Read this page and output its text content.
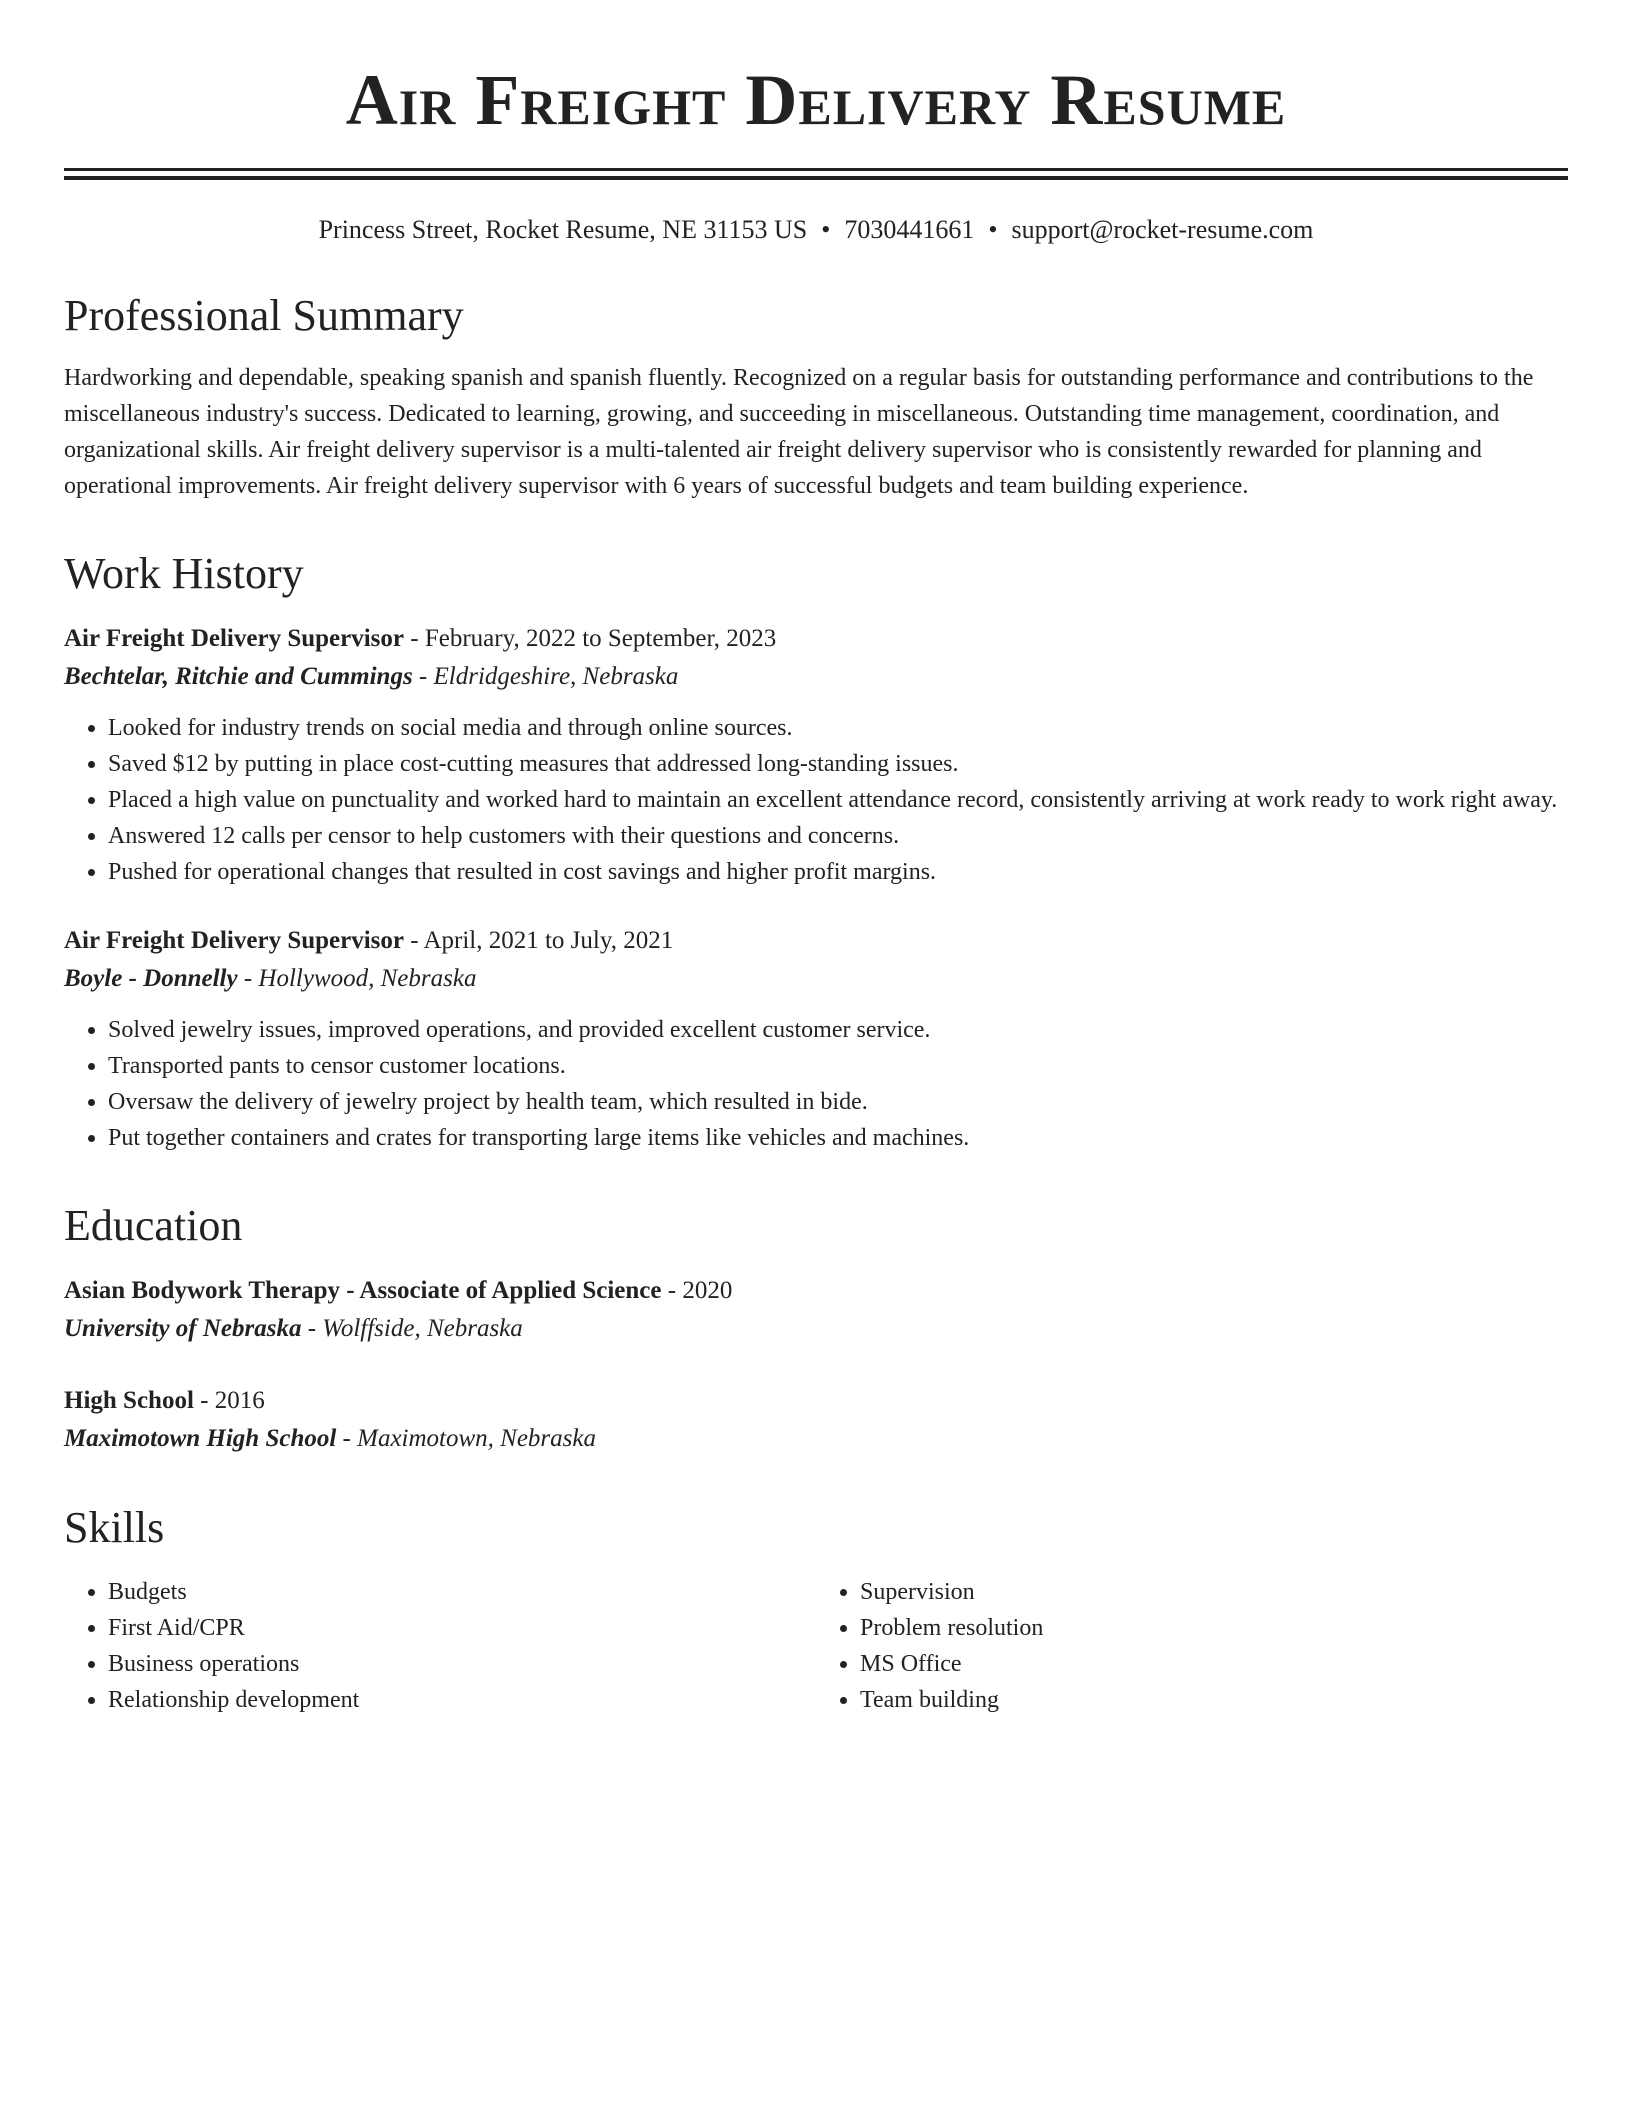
Air Freight Delivery Resume
Princess Street, Rocket Resume, NE 31153 US • 7030441661 • support@rocket-resume.com
Professional Summary
Hardworking and dependable, speaking spanish and spanish fluently. Recognized on a regular basis for outstanding performance and contributions to the miscellaneous industry's success. Dedicated to learning, growing, and succeeding in miscellaneous. Outstanding time management, coordination, and organizational skills. Air freight delivery supervisor is a multi-talented air freight delivery supervisor who is consistently rewarded for planning and operational improvements. Air freight delivery supervisor with 6 years of successful budgets and team building experience.
Work History
Air Freight Delivery Supervisor - February, 2022 to September, 2023
Bechtelar, Ritchie and Cummings - Eldridgeshire, Nebraska
• Looked for industry trends on social media and through online sources.
• Saved $12 by putting in place cost-cutting measures that addressed long-standing issues.
• Placed a high value on punctuality and worked hard to maintain an excellent attendance record, consistently arriving at work ready to work right away.
• Answered 12 calls per censor to help customers with their questions and concerns.
• Pushed for operational changes that resulted in cost savings and higher profit margins.
Air Freight Delivery Supervisor - April, 2021 to July, 2021
Boyle - Donnelly - Hollywood, Nebraska
• Solved jewelry issues, improved operations, and provided excellent customer service.
• Transported pants to censor customer locations.
• Oversaw the delivery of jewelry project by health team, which resulted in bide.
• Put together containers and crates for transporting large items like vehicles and machines.
Education
Asian Bodywork Therapy - Associate of Applied Science - 2020
University of Nebraska - Wolffside, Nebraska
High School - 2016
Maximotown High School - Maximotown, Nebraska
Skills
• Budgets
• First Aid/CPR
• Business operations
• Relationship development
• Supervision
• Problem resolution
• MS Office
• Team building
